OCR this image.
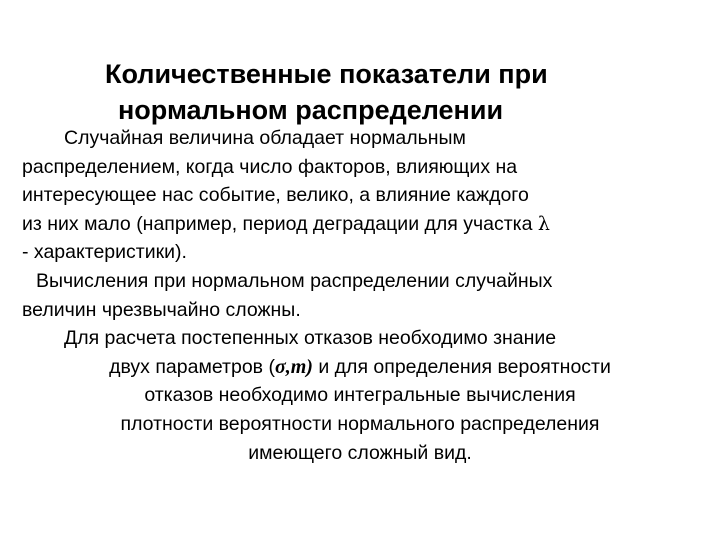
Количественные показатели при
нормальном распределении
Случайная величина обладает нормальным
распределением, когда число факторов, влияющих на
интересующее нас событие, велико, а влияние каждого
из них мало (например, период деградации для участка λ
- характеристики).
Вычисления при нормальном распределении случайных
величин чрезвычайно сложны.
Для расчета постепенных отказов необходимо знание
двух параметров (σ,m) и для определения вероятности
отказов необходимо интегральные вычисления
плотности вероятности нормального распределения
имеющего сложный вид.
